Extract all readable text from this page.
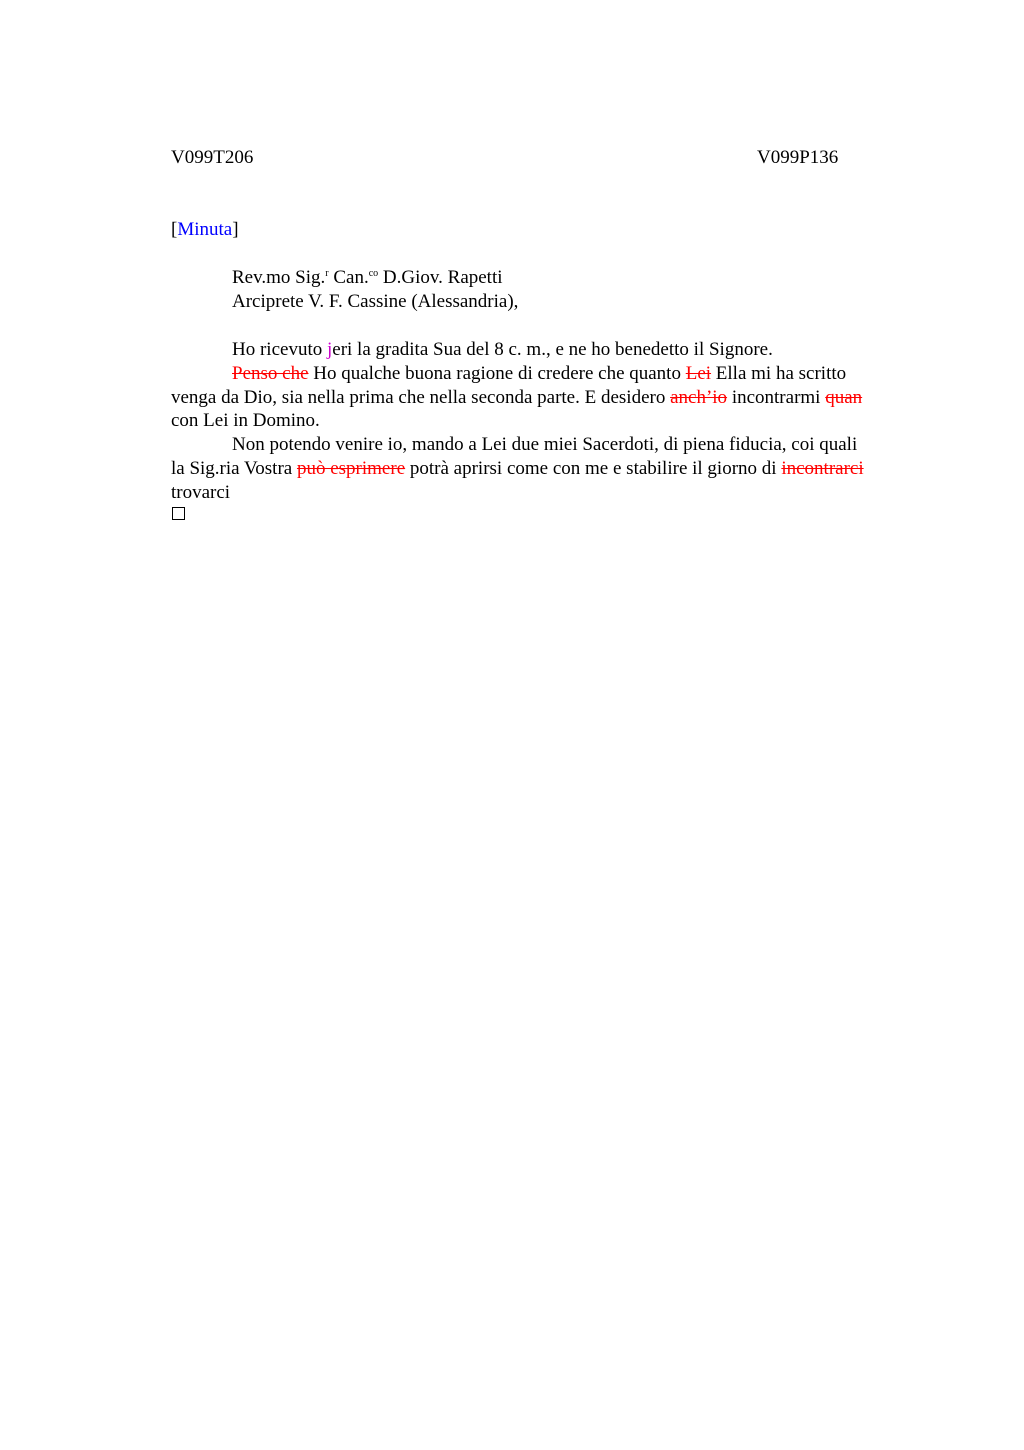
V099T206	V099P136
[Minuta]
Rev.mo Sig.$^r$ Can.$^{co}$ D.Giov. Rapetti
Arciprete V. F. Cassine (Alessandria),
Ho ricevuto jeri la gradita Sua del 8 c. m., e ne ho benedetto il Signore.
Penso che Ho qualche buona ragione di credere che quanto Lei Ella mi ha scritto
venga da Dio, sia nella prima che nella seconda parte. E desidero anch’io incontrarmi quan
con Lei in Domino.
Non potendo venire io, mando a Lei due miei Sacerdoti, di piena fiducia, coi quali
la Sig.ria Vostra può esprimere potrà aprirsi come con me e stabilire il giorno di incontrarci
trovarci
